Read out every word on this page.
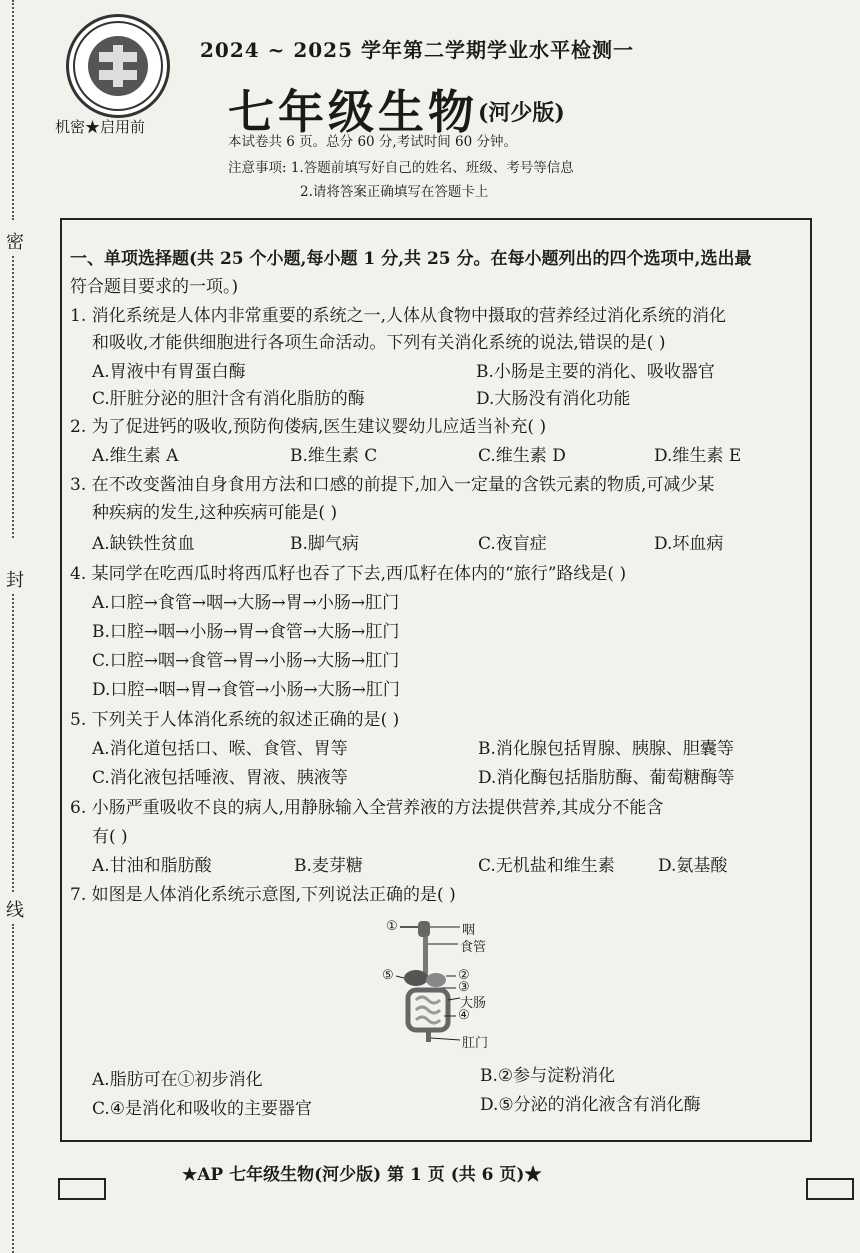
2024 ~ 2025 学年第二学期学业水平检测一
七年级生物 (河少版)
机密★启用前
本试卷共 6 页。总分 60 分,考试时间 60 分钟。
注意事项: 1.答题前填写好自己的姓名、班级、考号等信息
2.请将答案正确填写在答题卡上
密
封
线
一、单项选择题(共 25 个小题,每小题 1 分,共 25 分。在每小题列出的四个选项中,选出最
符合题目要求的一项。)
1. 消化系统是人体内非常重要的系统之一,人体从食物中摄取的营养经过消化系统的消化
和吸收,才能供细胞进行各项生命活动。下列有关消化系统的说法,错误的是( )
A.胃液中有胃蛋白酶	B.小肠是主要的消化、吸收器官
C.肝脏分泌的胆汁含有消化脂肪的酶	D.大肠没有消化功能
2. 为了促进钙的吸收,预防佝偻病,医生建议婴幼儿应适当补充( )
A.维生素 A	B.维生素 C	C.维生素 D	D.维生素 E
3. 在不改变酱油自身食用方法和口感的前提下,加入一定量的含铁元素的物质,可减少某
种疾病的发生,这种疾病可能是( )
A.缺铁性贫血	B.脚气病	C.夜盲症	D.坏血病
4. 某同学在吃西瓜时将西瓜籽也吞了下去,西瓜籽在体内的“旅行”路线是( )
A.口腔→食管→咽→大肠→胃→小肠→肛门
B.口腔→咽→小肠→胃→食管→大肠→肛门
C.口腔→咽→食管→胃→小肠→大肠→肛门
D.口腔→咽→胃→食管→小肠→大肠→肛门
5. 下列关于人体消化系统的叙述正确的是( )
A.消化道包括口、喉、食管、胃等	B.消化腺包括胃腺、胰腺、胆囊等
C.消化液包括唾液、胃液、胰液等	D.消化酶包括脂肪酶、葡萄糖酶等
6. 小肠严重吸收不良的病人,用静脉输入全营养液的方法提供营养,其成分不能含
有( )
A.甘油和脂肪酸	B.麦芽糖	C.无机盐和维生素	D.氨基酸
7. 如图是人体消化系统示意图,下列说法正确的是( )
①	咽
食管
⑤	②
③
大肠
④
肛门
A.脂肪可在①初步消化	B.②参与淀粉消化
C.④是消化和吸收的主要器官	D.⑤分泌的消化液含有消化酶
★AP 七年级生物(河少版) 第 1 页 (共 6 页)★
